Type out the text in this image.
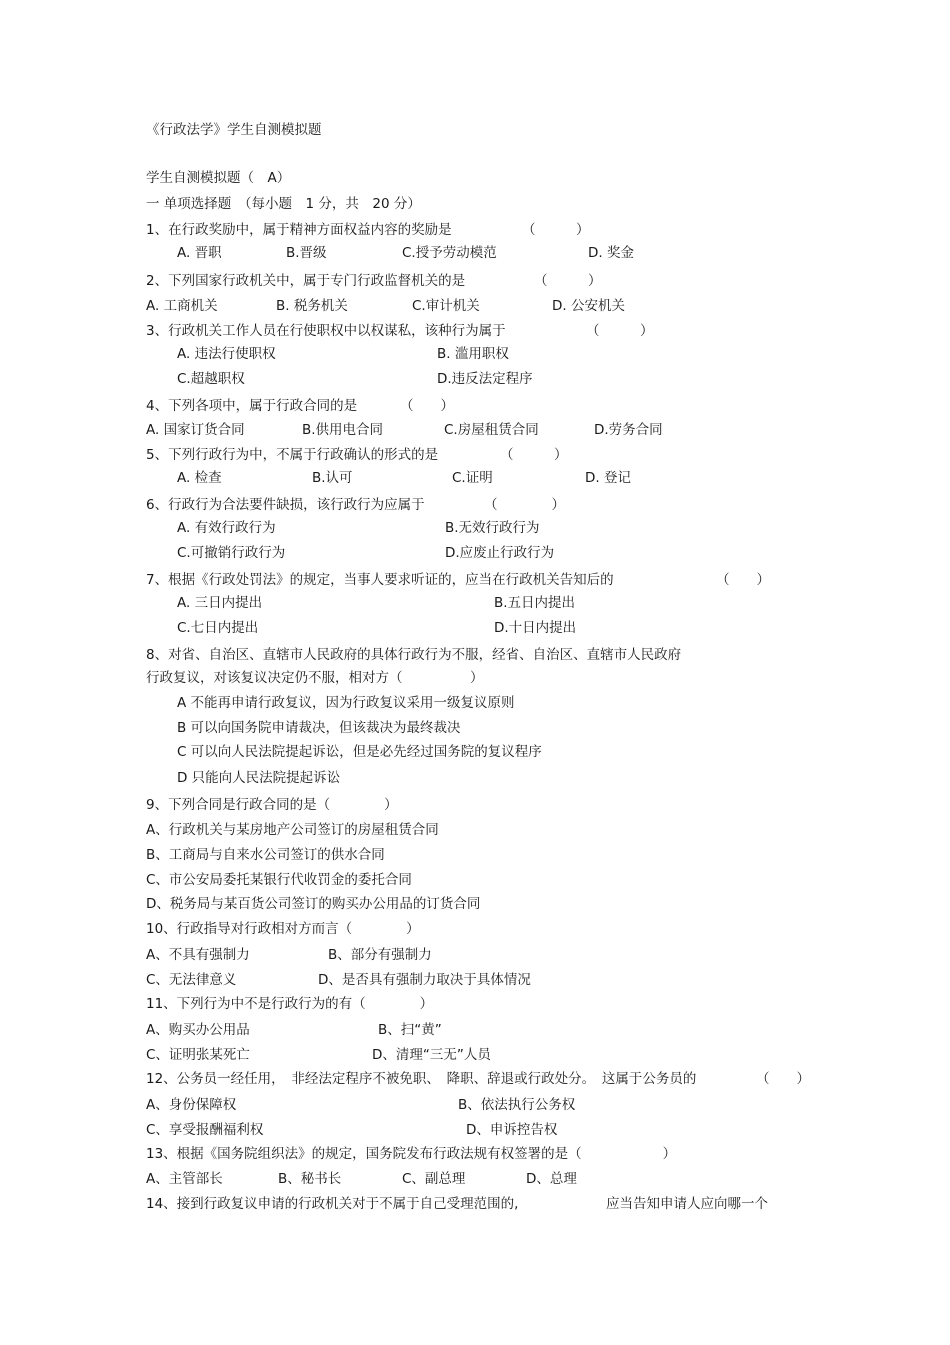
《行政法学》学生自测模拟题
学生自测模拟题（　A）
一 单项选择题　（每小题　1 分，共　20 分）
1、在行政奖励中，属于精神方面权益内容的奖励是	（　　　）
A. 晋职	B.晋级	C.授予劳动模范	D. 奖金
2、下列国家行政机关中，属于专门行政监督机关的是	（　　　）
A. 工商机关	B. 税务机关	C.审计机关	D. 公安机关
3、行政机关工作人员在行使职权中以权谋私，该种行为属于	（　　　）
A. 违法行使职权	B. 滥用职权
C.超越职权	D.违反法定程序
4、下列各项中，属于行政合同的是	（　　）
A. 国家订货合同	B.供用电合同	C.房屋租赁合同	D.劳务合同
5、下列行政行为中，不属于行政确认的形式的是	（　　　）
A. 检查	B.认可	C.证明	D. 登记
6、行政行为合法要件缺损，该行政行为应属于	（　　　　）
A. 有效行政行为	B.无效行政行为
C.可撤销行政行为	D.应废止行政行为
7、根据《行政处罚法》的规定，当事人要求听证的，应当在行政机关告知后的	（　　）
A. 三日内提出	B.五日内提出
C.七日内提出	D.十日内提出
8、对省、自治区、直辖市人民政府的具体行政行为不服，经省、自治区、直辖市人民政府
行政复议，对该复议决定仍不服，相对方（　　　　　）
A 不能再申请行政复议，因为行政复议采用一级复议原则
B 可以向国务院申请裁决，但该裁决为最终裁决
C 可以向人民法院提起诉讼，但是必先经过国务院的复议程序
D 只能向人民法院提起诉讼
9、下列合同是行政合同的是（　　　　）
A、行政机关与某房地产公司签订的房屋租赁合同
B、工商局与自来水公司签订的供水合同
C、市公安局委托某银行代收罚金的委托合同
D、税务局与某百货公司签订的购买办公用品的订货合同
10、行政指导对行政相对方而言（　　　　）
A、不具有强制力	B、部分有强制力
C、无法律意义	D、是否具有强制力取决于具体情况
11、下列行为中不是行政行为的有（　　　　）
A、购买办公用品	B、扫“黄”
C、证明张某死亡	D、清理“三无”人员
12、公务员一经任用，　非经法定程序不被免职、　降职、辞退或行政处分。　这属于公务员的	（　　）
A、身份保障权	B、依法执行公务权
C、享受报酬福利权	D、申诉控告权
13、根据《国务院组织法》的规定，国务院发布行政法规有权签署的是（　　　　　　）
A、主管部长	B、秘书长	C、副总理	D、总理
14、接到行政复议申请的行政机关对于不属于自己受理范围的,	应当告知申请人应向哪一个
